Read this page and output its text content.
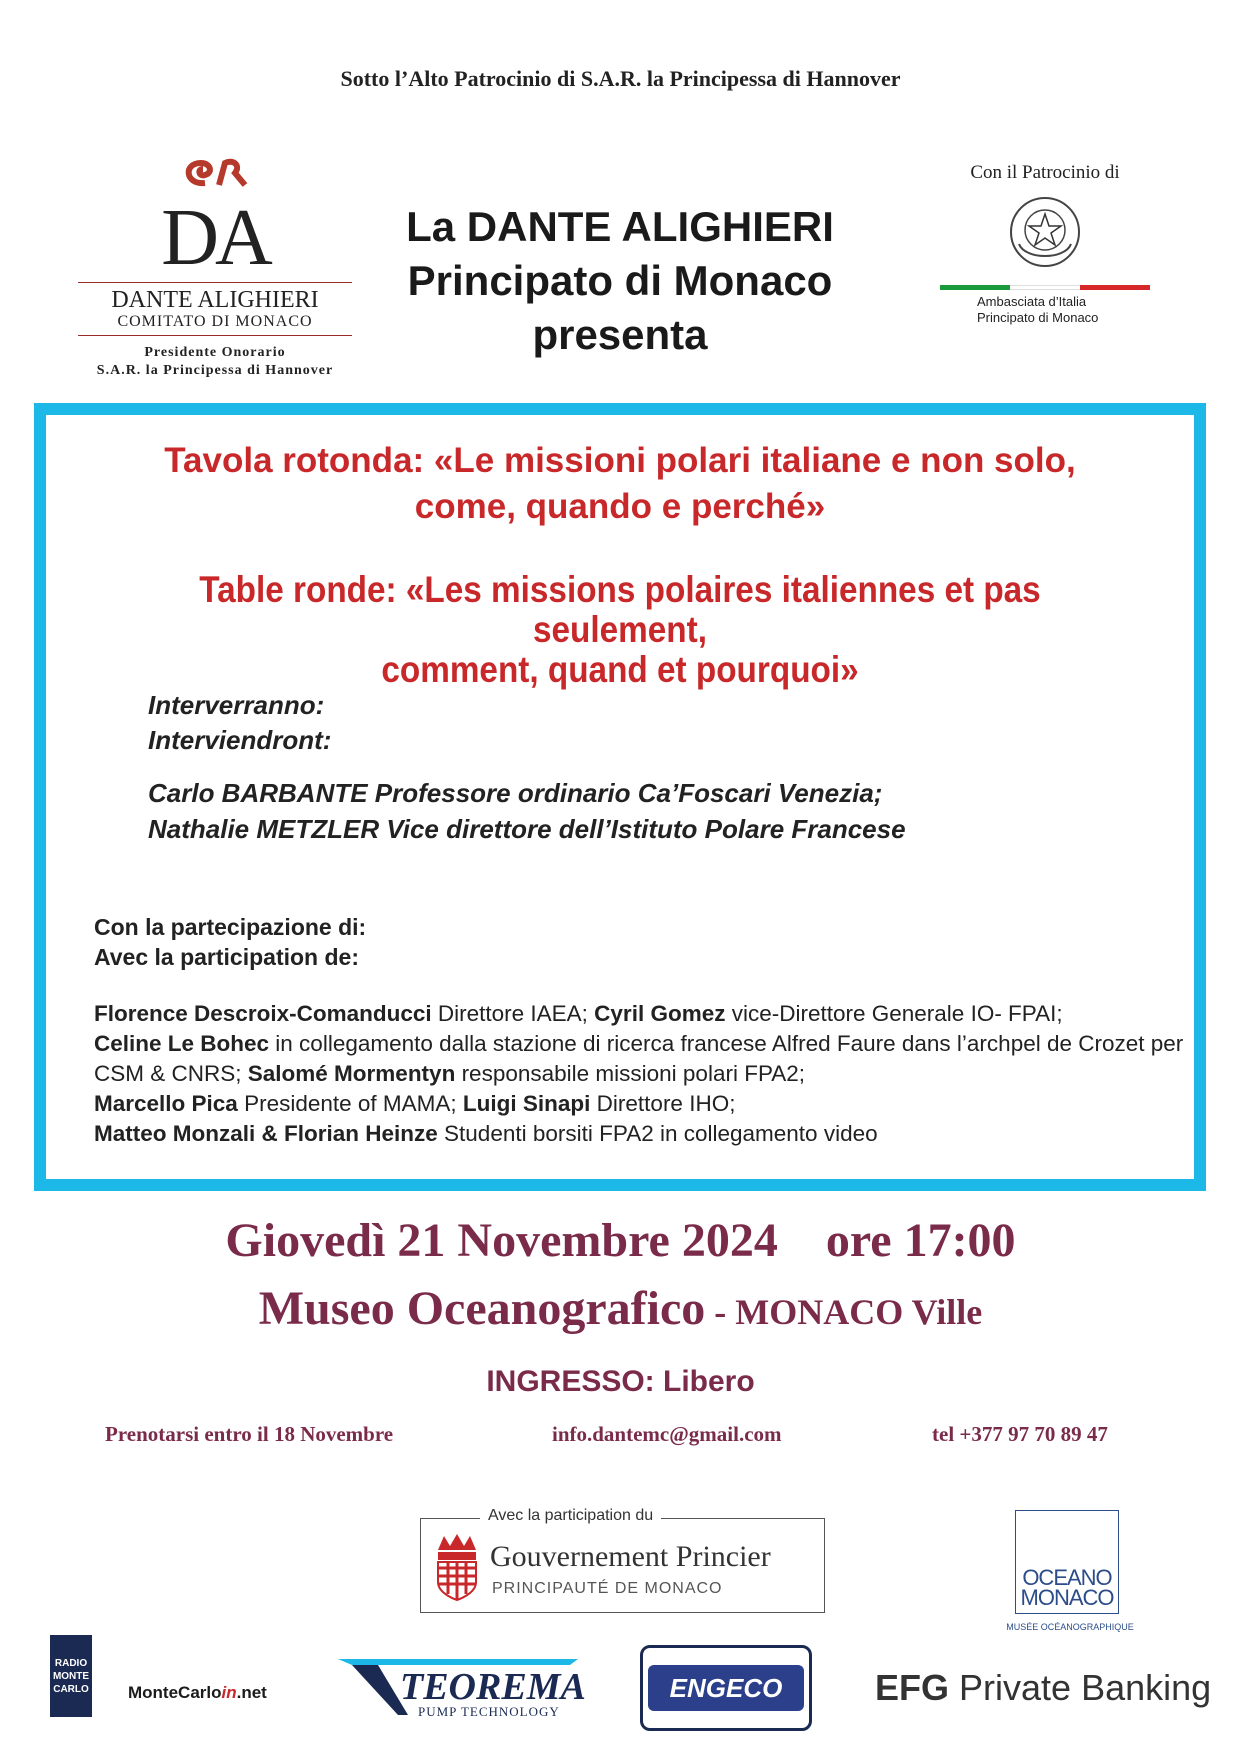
Sotto l’Alto Patrocinio di S.A.R. la Principessa di Hannover
DA
DANTE ALIGHIERI
COMITATO DI MONACO
Presidente Onorario
S.A.R. la Principessa di Hannover
La DANTE ALIGHIERI
Principato di Monaco
presenta
Con il Patrocinio di
Ambasciata d’Italia
Principato di Monaco
Tavola rotonda: «Le missioni polari italiane e non solo,
come, quando e perché»
Table ronde: «Les missions polaires italiennes et pas seulement,
comment, quand et pourquoi»
Interverranno:
Interviendront:
Carlo BARBANTE Professore ordinario Ca’Foscari Venezia;
Nathalie METZLER Vice direttore dell’Istituto Polare Francese
Con la partecipazione di:
Avec la participation de:
Florence Descroix-Comanducci Direttore IAEA; Cyril Gomez vice-Direttore Generale IO- FPAI;
Celine Le Bohec in collegamento dalla stazione di ricerca francese Alfred Faure dans l’archpel de Crozet per CSM & CNRS; Salomé Mormentyn responsabile missioni polari FPA2;
Marcello Pica Presidente of MAMA; Luigi Sinapi Direttore IHO;
Matteo Monzali & Florian Heinze Studenti borsiti FPA2 in collegamento video
Giovedì 21 Novembre 2024 ore 17:00
Museo Oceanografico - MONACO Ville
INGRESSO: Libero
Prenotarsi entro il 18 Novembre	info.dantemc@gmail.com	tel +377 97 70 89 47
Avec la participation du
Gouvernement Princier
PRINCIPAUTÉ DE MONACO	OCEANO MONACO
MUSÉE OCÉANOGRAPHIQUE
RADIO MONTE CARLO MonteCarloin.net	TEOREMA
PUMP TECHNOLOGY
ENGECO	EFG Private Banking
